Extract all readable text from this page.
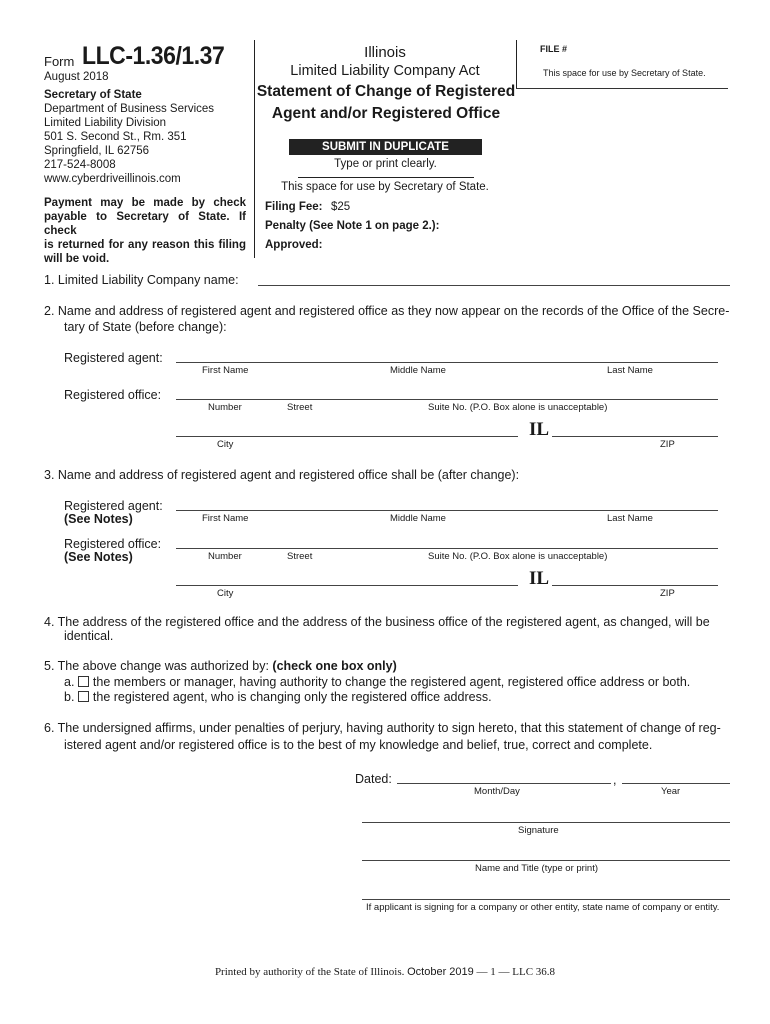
Form LLC-1.36/1.37
August 2018
Secretary of State
Department of Business Services
Limited Liability Division
501 S. Second St., Rm. 351
Springfield, IL 62756
217-524-8008
www.cyberdriveillinois.com
Payment may be made by check
payable to Secretary of State. If check
is returned for any reason this filing
will be void.
Illinois
Limited Liability Company Act
Statement of Change of Registered
Agent and/or Registered Office
SUBMIT IN DUPLICATE
Type or print clearly.
This space for use by Secretary of State.
Filing Fee: $25
Penalty (See Note 1 on page 2.):
Approved:
FILE #
This space for use by Secretary of State.
1. Limited Liability Company name:
2. Name and address of registered agent and registered office as they now appear on the records of the Office of the Secre-
tary of State (before change):
Registered agent:
First Name	Middle Name	Last Name
Registered office:
Number	Street	Suite No. (P.O. Box alone is unacceptable)
IL
City	ZIP
3. Name and address of registered agent and registered office shall be (after change):
Registered agent:
(See Notes)	First Name	Middle Name	Last Name
Registered office:
(See Notes)	Number	Street	Suite No. (P.O. Box alone is unacceptable)
IL
City	ZIP
4. The address of the registered office and the address of the business office of the registered agent, as changed, will be
identical.
5. The above change was authorized by: (check one box only)
a. the members or manager, having authority to change the registered agent, registered office address or both.
b. the registered agent, who is changing only the registered office address.
6. The undersigned affirms, under penalties of perjury, having authority to sign hereto, that this statement of change of reg-
istered agent and/or registered office is to the best of my knowledge and belief, true, correct and complete.
Dated:	,
Month/Day	Year
Signature
Name and Title (type or print)
If applicant is signing for a company or other entity, state name of company or entity.
Printed by authority of the State of Illinois. October 2019 — 1 — LLC 36.8
